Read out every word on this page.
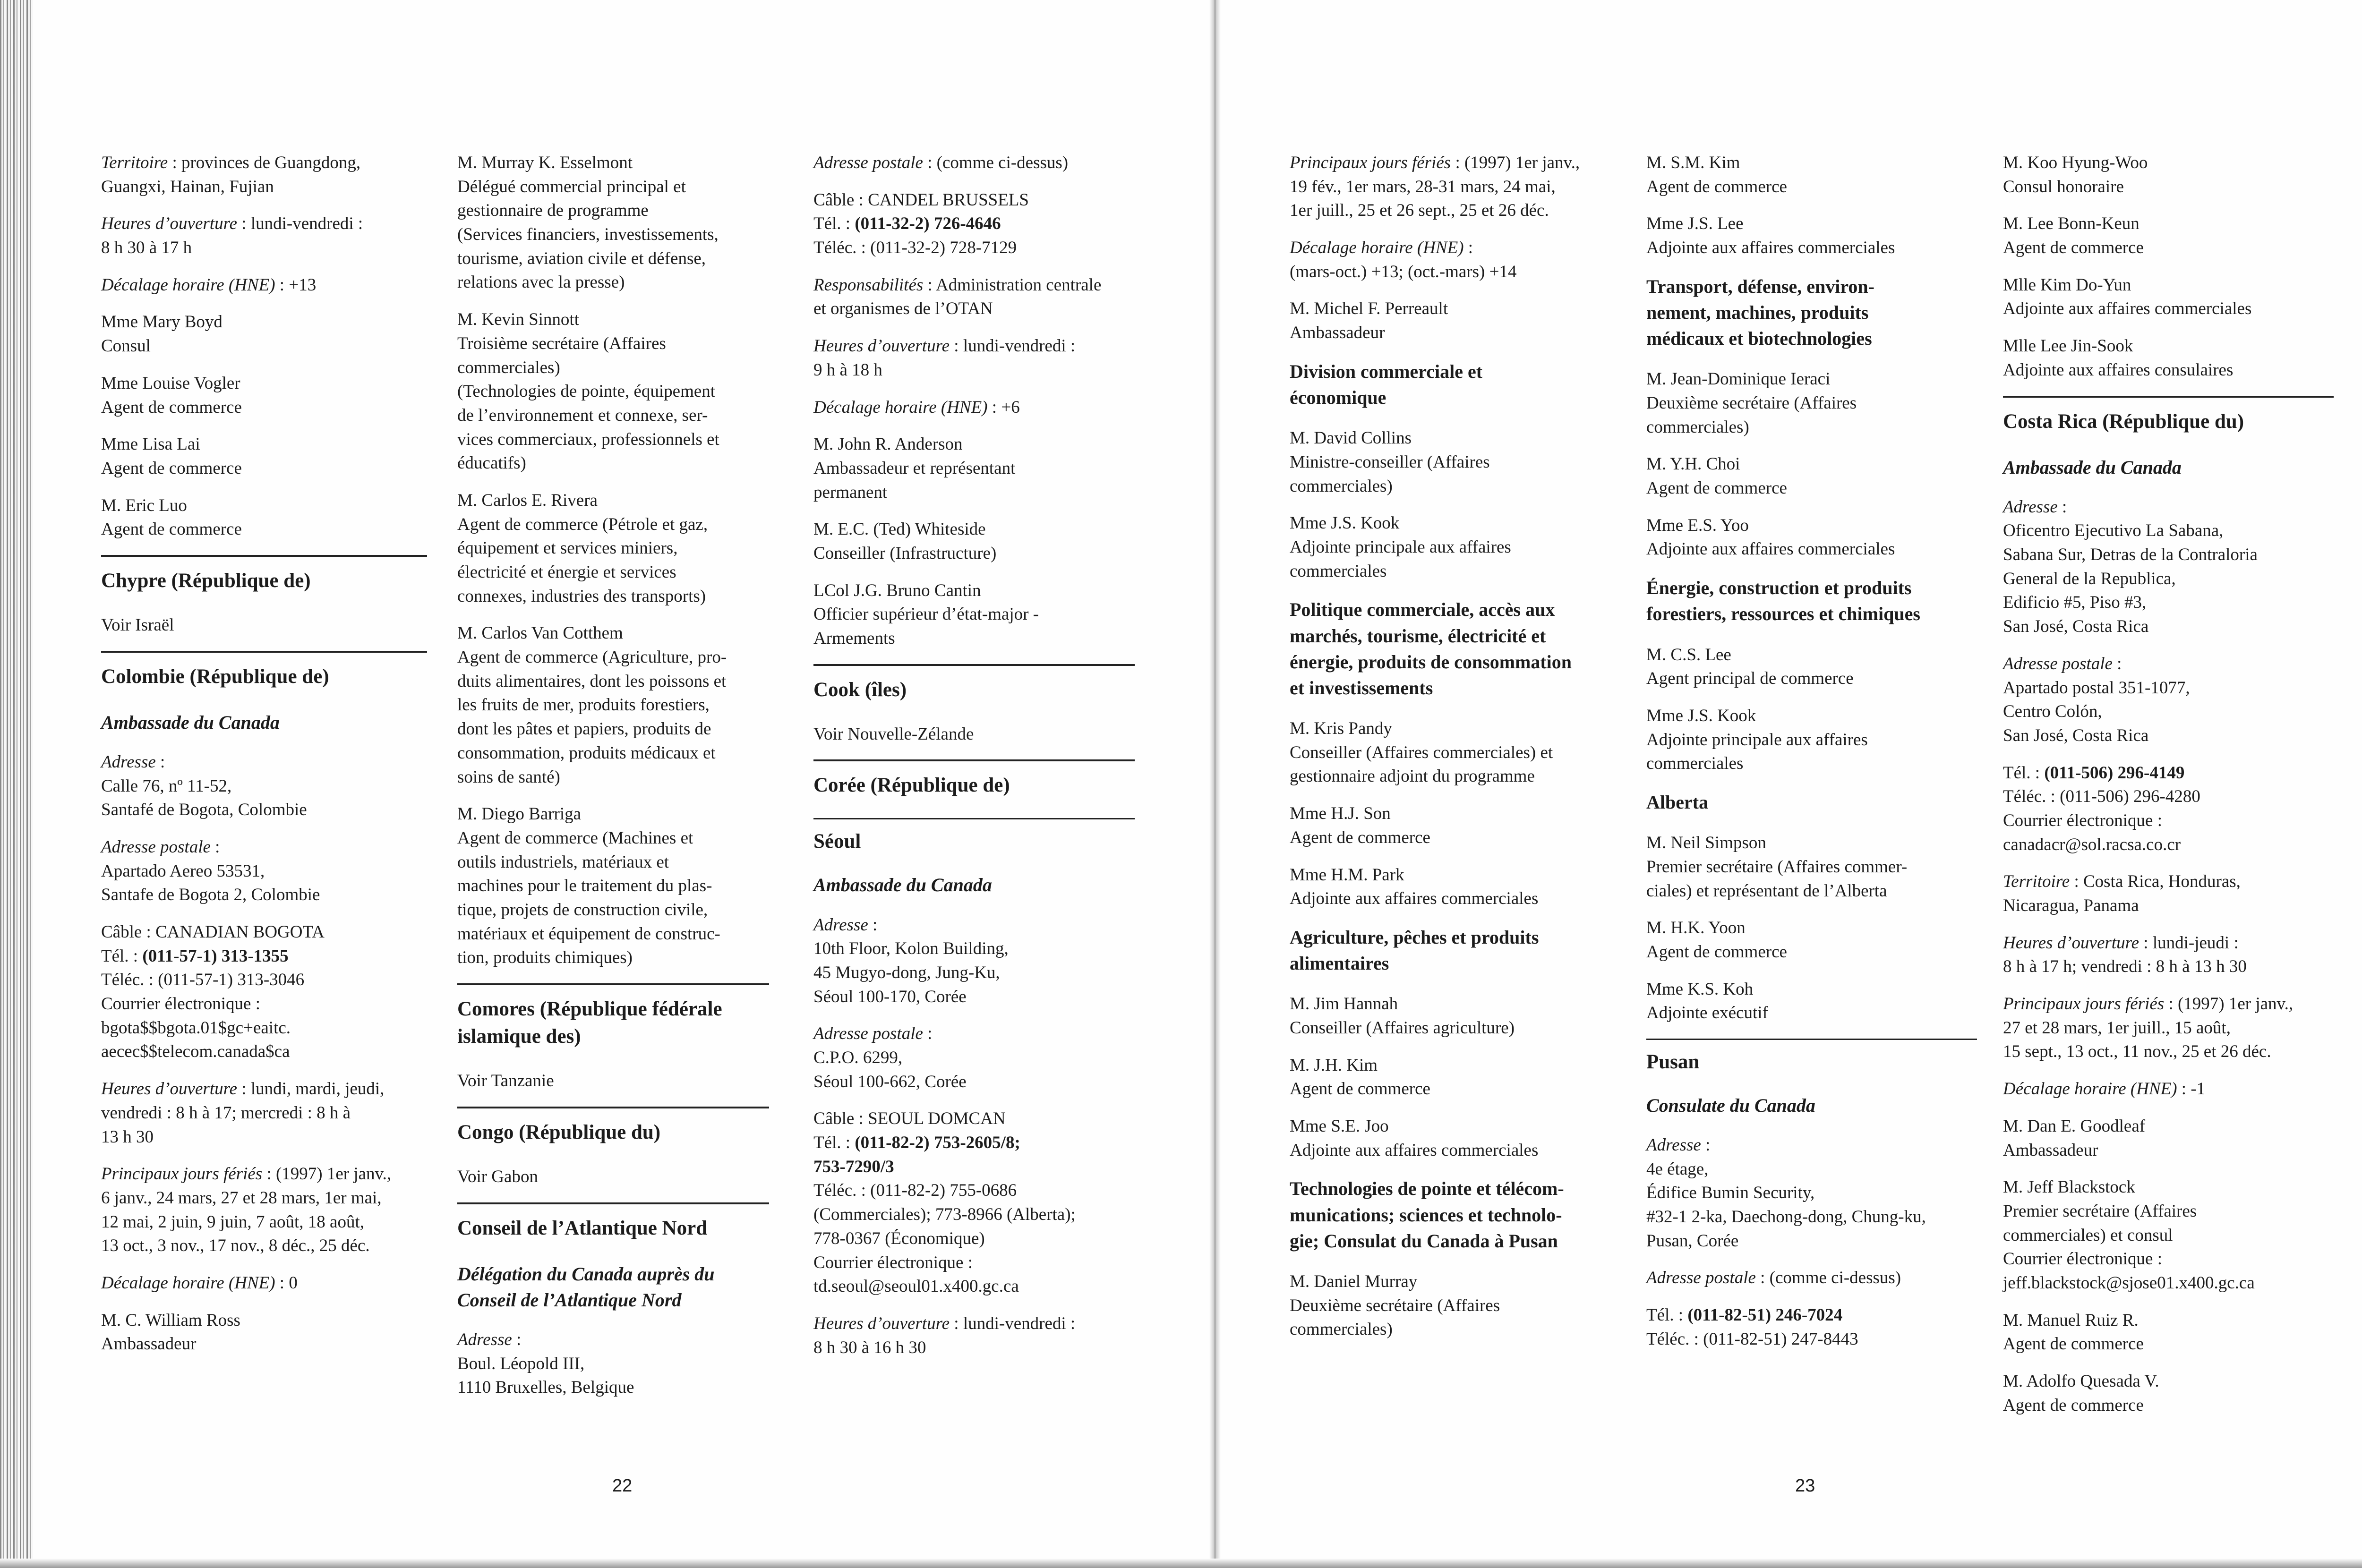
Territoire : provinces de Guangdong,
Guangxi, Hainan, Fujian
Heures d’ouverture : lundi-vendredi :
8 h 30 à 17 h
Décalage horaire (HNE) : +13
Mme Mary Boyd
Consul
Mme Louise Vogler
Agent de commerce
Mme Lisa Lai
Agent de commerce
M. Eric Luo
Agent de commerce
Chypre (République de)
Voir Israël
Colombie (République de)
Ambassade du Canada
Adresse :
Calle 76, nº 11-52,
Santafé de Bogota, Colombie
Adresse postale :
Apartado Aereo 53531,
Santafe de Bogota 2, Colombie
Câble : CANADIAN BOGOTA
Tél. : (011-57-1) 313-1355
Téléc. : (011-57-1) 313-3046
Courrier électronique :
bgota$$bgota.01$gc+eaitc.
aecec$$telecom.canada$ca
Heures d’ouverture : lundi, mardi, jeudi,
vendredi : 8 h à 17; mercredi : 8 h à
13 h 30
Principaux jours fériés : (1997) 1er janv.,
6 janv., 24 mars, 27 et 28 mars, 1er mai,
12 mai, 2 juin, 9 juin, 7 août, 18 août,
13 oct., 3 nov., 17 nov., 8 déc., 25 déc.
Décalage horaire (HNE) : 0
M. C. William Ross
Ambassadeur
M. Murray K. Esselmont
Délégué commercial principal et
gestionnaire de programme
(Services financiers, investissements,
tourisme, aviation civile et défense,
relations avec la presse)
M. Kevin Sinnott
Troisième secrétaire (Affaires
commerciales)
(Technologies de pointe, équipement
de l’environnement et connexe, ser-
vices commerciaux, professionnels et
éducatifs)
M. Carlos E. Rivera
Agent de commerce (Pétrole et gaz,
équipement et services miniers,
électricité et énergie et services
connexes, industries des transports)
M. Carlos Van Cotthem
Agent de commerce (Agriculture, pro-
duits alimentaires, dont les poissons et
les fruits de mer, produits forestiers,
dont les pâtes et papiers, produits de
consommation, produits médicaux et
soins de santé)
M. Diego Barriga
Agent de commerce (Machines et
outils industriels, matériaux et
machines pour le traitement du plas-
tique, projets de construction civile,
matériaux et équipement de construc-
tion, produits chimiques)
Comores (République fédérale
islamique des)
Voir Tanzanie
Congo (République du)
Voir Gabon
Conseil de l’Atlantique Nord
Délégation du Canada auprès du
Conseil de l’Atlantique Nord
Adresse :
Boul. Léopold III,
1110 Bruxelles, Belgique
Adresse postale : (comme ci-dessus)
Câble : CANDEL BRUSSELS
Tél. : (011-32-2) 726-4646
Téléc. : (011-32-2) 728-7129
Responsabilités : Administration centrale
et organismes de l’OTAN
Heures d’ouverture : lundi-vendredi :
9 h à 18 h
Décalage horaire (HNE) : +6
M. John R. Anderson
Ambassadeur et représentant
permanent
M. E.C. (Ted) Whiteside
Conseiller (Infrastructure)
LCol J.G. Bruno Cantin
Officier supérieur d’état-major -
Armements
Cook (îles)
Voir Nouvelle-Zélande
Corée (République de)
Séoul
Ambassade du Canada
Adresse :
10th Floor, Kolon Building,
45 Mugyo-dong, Jung-Ku,
Séoul 100-170, Corée
Adresse postale :
C.P.O. 6299,
Séoul 100-662, Corée
Câble : SEOUL DOMCAN
Tél. : (011-82-2) 753-2605/8;
753-7290/3
Téléc. : (011-82-2) 755-0686
(Commerciales); 773-8966 (Alberta);
778-0367 (Économique)
Courrier électronique :
td.seoul@seoul01.x400.gc.ca
Heures d’ouverture : lundi-vendredi :
8 h 30 à 16 h 30
22
Principaux jours fériés : (1997) 1er janv.,
19 fév., 1er mars, 28-31 mars, 24 mai,
1er juill., 25 et 26 sept., 25 et 26 déc.
Décalage horaire (HNE) :
(mars-oct.) +13; (oct.-mars) +14
M. Michel F. Perreault
Ambassadeur
Division commerciale et
économique
M. David Collins
Ministre-conseiller (Affaires
commerciales)
Mme J.S. Kook
Adjointe principale aux affaires
commerciales
Politique commerciale, accès aux
marchés, tourisme, électricité et
énergie, produits de consommation
et investissements
M. Kris Pandy
Conseiller (Affaires commerciales) et
gestionnaire adjoint du programme
Mme H.J. Son
Agent de commerce
Mme H.M. Park
Adjointe aux affaires commerciales
Agriculture, pêches et produits
alimentaires
M. Jim Hannah
Conseiller (Affaires agriculture)
M. J.H. Kim
Agent de commerce
Mme S.E. Joo
Adjointe aux affaires commerciales
Technologies de pointe et télécom-
munications; sciences et technolo-
gie; Consulat du Canada à Pusan
M. Daniel Murray
Deuxième secrétaire (Affaires
commerciales)
M. S.M. Kim
Agent de commerce
Mme J.S. Lee
Adjointe aux affaires commerciales
Transport, défense, environ-
nement, machines, produits
médicaux et biotechnologies
M. Jean-Dominique Ieraci
Deuxième secrétaire (Affaires
commerciales)
M. Y.H. Choi
Agent de commerce
Mme E.S. Yoo
Adjointe aux affaires commerciales
Énergie, construction et produits
forestiers, ressources et chimiques
M. C.S. Lee
Agent principal de commerce
Mme J.S. Kook
Adjointe principale aux affaires
commerciales
Alberta
M. Neil Simpson
Premier secrétaire (Affaires commer-
ciales) et représentant de l’Alberta
M. H.K. Yoon
Agent de commerce
Mme K.S. Koh
Adjointe exécutif
Pusan
Consulate du Canada
Adresse :
4e étage,
Édifice Bumin Security,
#32-1 2-ka, Daechong-dong, Chung-ku,
Pusan, Corée
Adresse postale : (comme ci-dessus)
Tél. : (011-82-51) 246-7024
Téléc. : (011-82-51) 247-8443
M. Koo Hyung-Woo
Consul honoraire
M. Lee Bonn-Keun
Agent de commerce
Mlle Kim Do-Yun
Adjointe aux affaires commerciales
Mlle Lee Jin-Sook
Adjointe aux affaires consulaires
Costa Rica (République du)
Ambassade du Canada
Adresse :
Oficentro Ejecutivo La Sabana,
Sabana Sur, Detras de la Contraloria
General de la Republica,
Edificio #5, Piso #3,
San José, Costa Rica
Adresse postale :
Apartado postal 351-1077,
Centro Colón,
San José, Costa Rica
Tél. : (011-506) 296-4149
Téléc. : (011-506) 296-4280
Courrier électronique :
canadacr@sol.racsa.co.cr
Territoire : Costa Rica, Honduras,
Nicaragua, Panama
Heures d’ouverture : lundi-jeudi :
8 h à 17 h; vendredi : 8 h à 13 h 30
Principaux jours fériés : (1997) 1er janv.,
27 et 28 mars, 1er juill., 15 août,
15 sept., 13 oct., 11 nov., 25 et 26 déc.
Décalage horaire (HNE) : -1
M. Dan E. Goodleaf
Ambassadeur
M. Jeff Blackstock
Premier secrétaire (Affaires
commerciales) et consul
Courrier électronique :
jeff.blackstock@sjose01.x400.gc.ca
M. Manuel Ruiz R.
Agent de commerce
M. Adolfo Quesada V.
Agent de commerce
23
